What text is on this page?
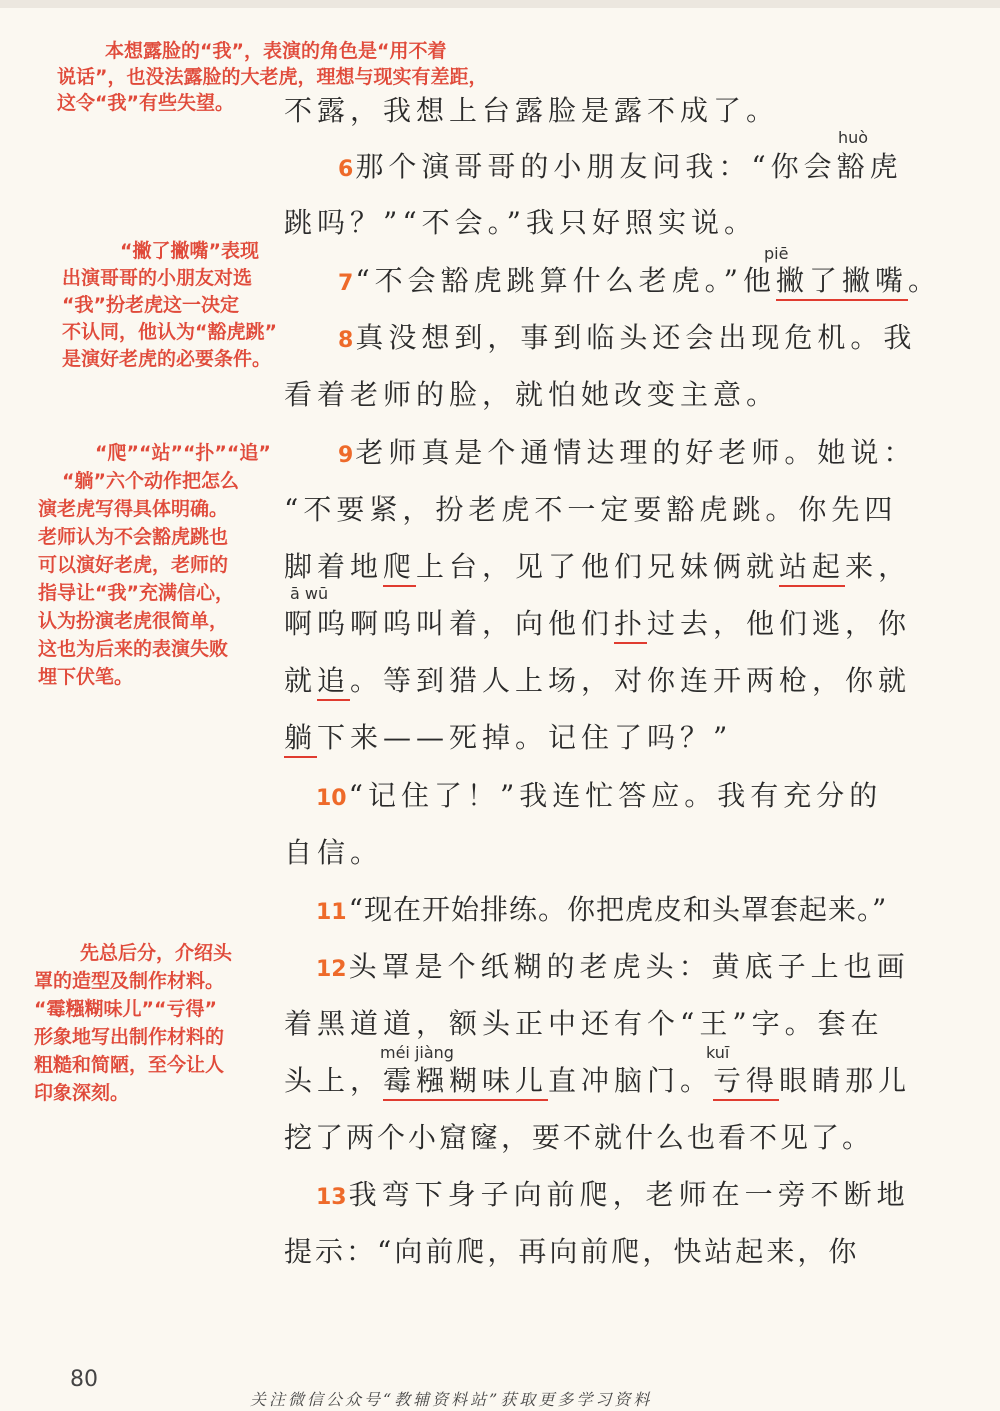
本想露脸的“我”，表演的角色是“用不着
说话”，也没法露脸的大老虎，理想与现实有差距，
这令“我”有些失望。
“撇了撇嘴”表现
出演哥哥的小朋友对选
“我”扮老虎这一决定
不认同，他认为“豁虎跳”
是演好老虎的必要条件。
“爬”“站”“扑”“追”
“躺”六个动作把怎么
演老虎写得具体明确。
老师认为不会豁虎跳也
可以演好老虎，老师的
指导让“我”充满信心，
认为扮演老虎很简单，
这也为后来的表演失败
埋下伏笔。
先总后分，介绍头
罩的造型及制作材料。
“霉糨糊味儿”“亏得”
形象地写出制作材料的
粗糙和简陋，至今让人
印象深刻。
huò
piē
ā wū
méi jiàng	kuī
不露，我想上台露脸是露不成了。
6那个演哥哥的小朋友问我：“你会豁虎
跳吗？”“不会。”我只好照实说。
7“不会豁虎跳算什么老虎。”他撇了撇嘴。
8真没想到，事到临头还会出现危机。我
看着老师的脸，就怕她改变主意。
9老师真是个通情达理的好老师。她说：
“不要紧，扮老虎不一定要豁虎跳。你先四
脚着地爬上台，见了他们兄妹俩就站起来，
啊呜啊呜叫着，向他们扑过去，他们逃，你
就追。等到猎人上场，对你连开两枪，你就
躺下来——死掉。记住了吗？”
10“记住了！”我连忙答应。我有充分的
自信。
11“现在开始排练。你把虎皮和头罩套起来。”
12头罩是个纸糊的老虎头：黄底子上也画
着黑道道，额头正中还有个“王”字。套在
头上，霉糨糊味儿直冲脑门。亏得眼睛那儿
挖了两个小窟窿，要不就什么也看不见了。
13我弯下身子向前爬，老师在一旁不断地
提示：“向前爬，再向前爬，快站起来，你
80
关注微信公众号“教辅资料站”获取更多学习资料
